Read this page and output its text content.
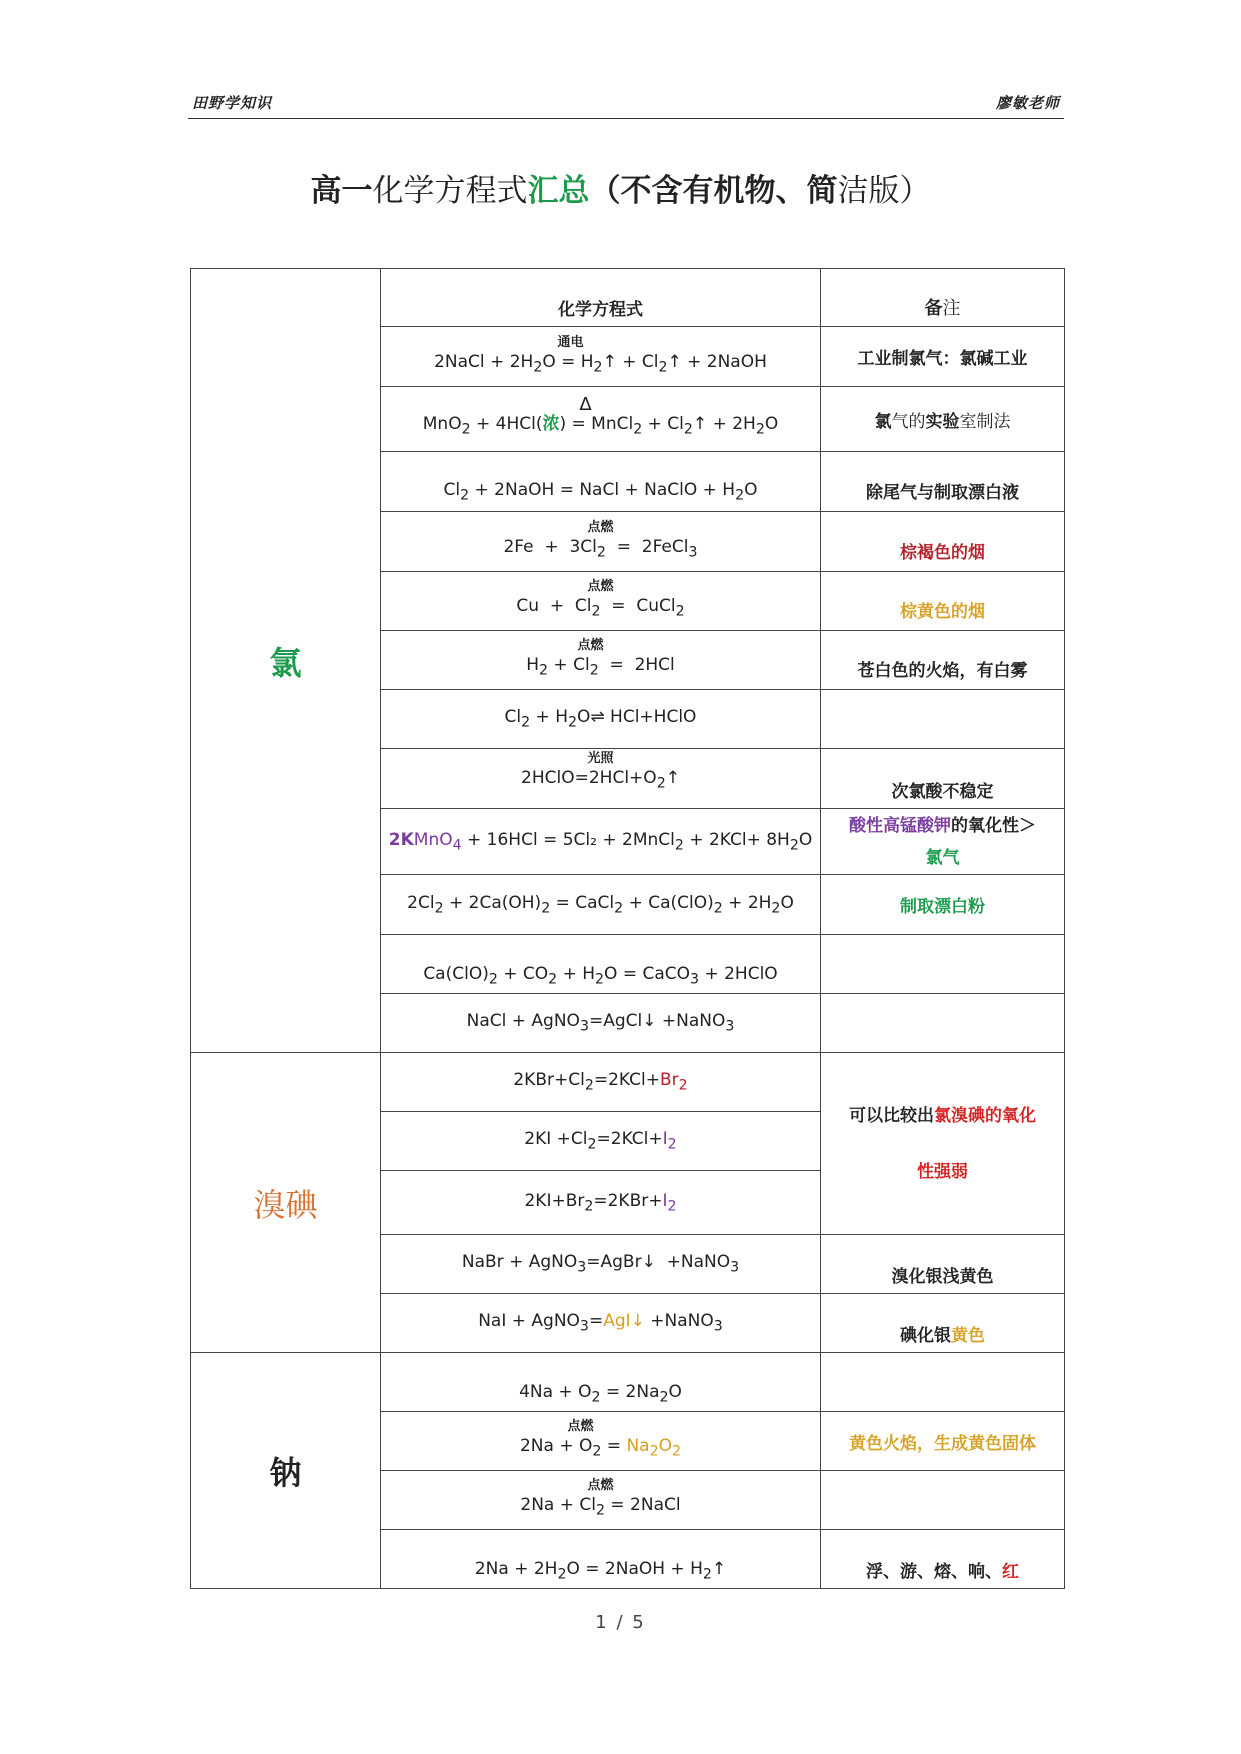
田野学知识	廖敏老师
高一化学方程式汇总（不含有机物、简洁版）
氯	化学方程式	备注

	通电
2NaCl + $2H_2O$ = $H_2↑$ + $Cl_2↑$ + 2NaOH	工业制氯气：氯碱工业

	Δ
MnO$_2$ + 4HCl(浓) = MnCl$_2$ + $Cl_2↑ + 2H_2O$	氯气的实验室制法
	$Cl_2$ + 2NaOH = NaCl + NaClO + $H_2O$	除尾气与制取漂白液

	点燃
$2Fe + 3Cl_2$  =  2FeCl$_3$	棕褐色的烟

	点燃
$Cu + Cl_2$  =  CuCl$_2$	棕黄色的烟

	点燃
$H_2 + Cl_2 = 2HCl$	苍白色的火焰，有白雾
	$Cl_2$ + $H_2O\rightleftharpoons$ HCl+HClO	

	光照
$2HClO=2HCl+O_2↑$	次氯酸不稳定
	2KMnO$_4$ + 16HCl = 5Cl₂ + 2MnCl$_2$ + $2KCl+ 8H_2O$	酸性高锰酸钾的氧化性＞
氯气
	$2Cl_2 + 2Ca(OH)_2$ = CaCl$_2$ + $Ca(ClO)_2 + 2H_2O$	制取漂白粉
	$Ca(ClO)_2 + CO_2 + H_2O$ = CaCO$_3$ + 2HClO	
	NaCl + AgNO$_3$=AgCl↓ +NaNO$_3$	

溴碘	$2KBr+Cl_2=2KCl+Br_2$	可以比较出氯溴碘的氧化
性强弱
	$2KI +Cl_2=2KCl+I_2$
	$2KI+Br_2=2KBr+I_2$
	NaBr + AgNO$_3$=AgBr↓  +NaNO$_3$	溴化银浅黄色
	NaI + AgNO$_3$=AgI↓ +NaNO$_3$	碘化银黄色
钠	$4Na + O_2 = 2Na_2O$	

	点燃
$2Na + O_2 = Na_2O_2$	黄色火焰，生成黄色固体

	点燃
$2Na + Cl_2$ = 2NaCl	

	$2Na + 2H_2O$ = 2NaOH + $H_2↑$	浮、游、熔、响、红
1 / 5
